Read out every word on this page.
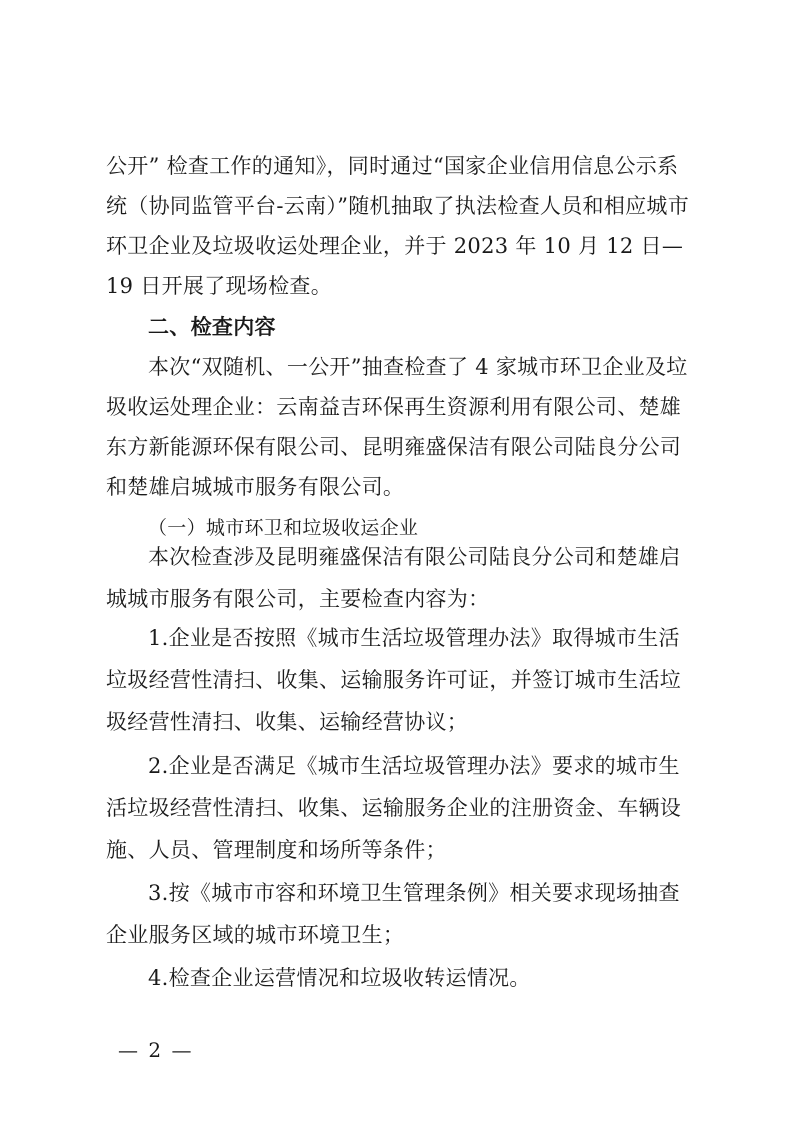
公开” 检查工作的通知》，同时通过“国家企业信用信息公示系统（协同监管平台-云南）”随机抽取了执法检查人员和相应城市环卫企业及垃圾收运处理企业，并于 2023 年 10 月 12 日—19 日开展了现场检查。

二、检查内容

本次“双随机、一公开”抽查检查了 4 家城市环卫企业及垃圾收运处理企业：云南益吉环保再生资源利用有限公司、楚雄东方新能源环保有限公司、昆明雍盛保洁有限公司陆良分公司和楚雄启城城市服务有限公司。

（一）城市环卫和垃圾收运企业

本次检查涉及昆明雍盛保洁有限公司陆良分公司和楚雄启城城市服务有限公司，主要检查内容为：

1.企业是否按照《城市生活垃圾管理办法》取得城市生活垃圾经营性清扫、收集、运输服务许可证，并签订城市生活垃圾经营性清扫、收集、运输经营协议；

2.企业是否满足《城市生活垃圾管理办法》要求的城市生活垃圾经营性清扫、收集、运输服务企业的注册资金、车辆设施、人员、管理制度和场所等条件；

3.按《城市市容和环境卫生管理条例》相关要求现场抽查企业服务区域的城市环境卫生；

4.检查企业运营情况和垃圾收转运情况。

— 2 —
